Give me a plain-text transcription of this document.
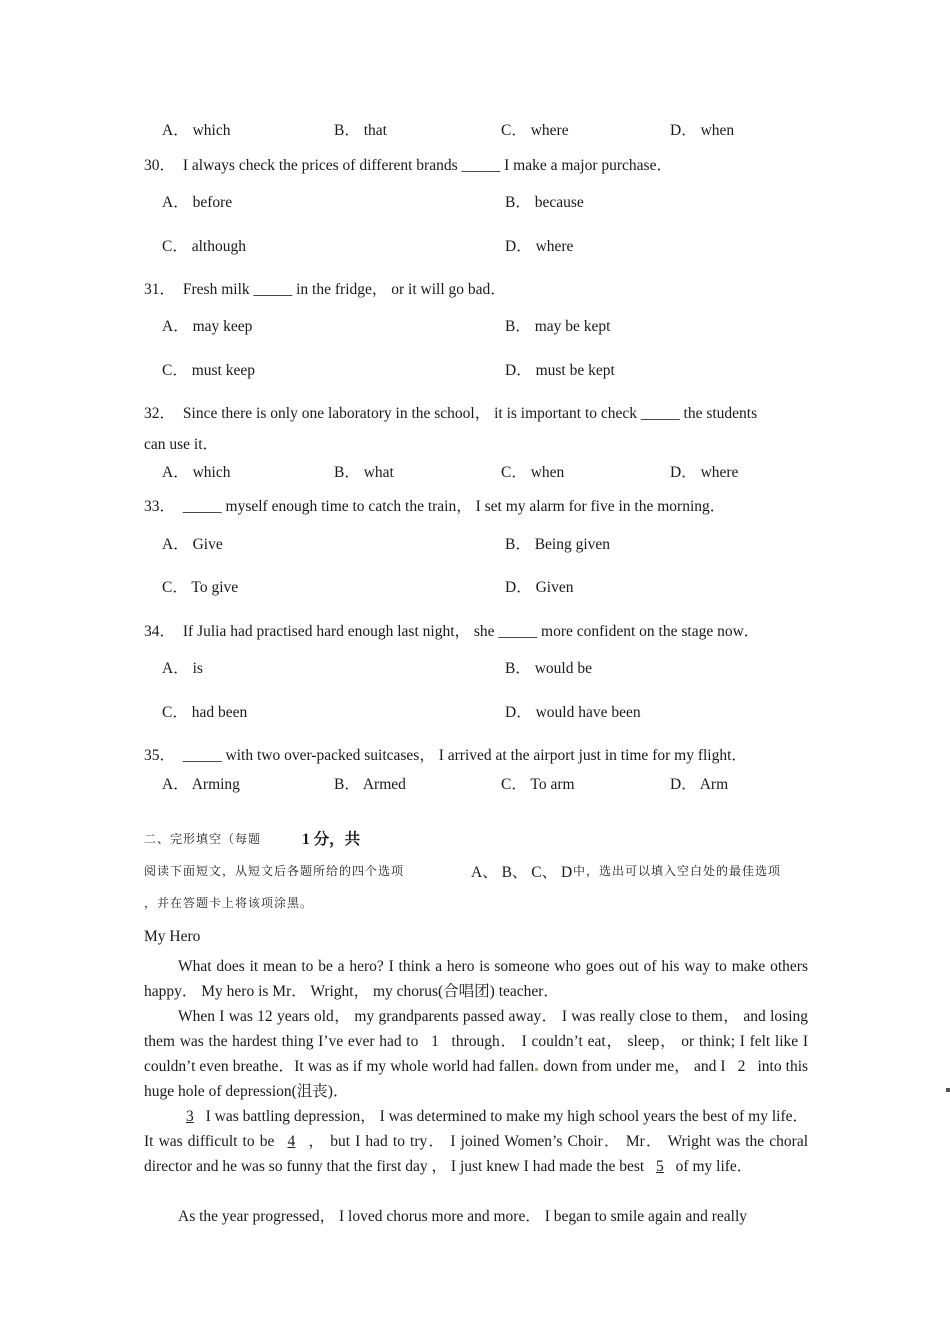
A． which	B． that	C． where	D． when
30． I always check the prices of different brands _____ I make a major purchase．
A． before	B． because
C． although	D． where
31． Fresh milk _____ in the fridge， or it will go bad．
A． may keep	B． may be kept
C． must keep	D． must be kept
32． Since there is only one laboratory in the school， it is important to check _____ the students
can use it．
A． which	B． what	C． when	D． where
33． _____ myself enough time to catch the train， I set my alarm for five in the morning．
A． Give	B． Being given
C． To give	D． Given
34． If Julia had practised hard enough last night， she _____ more confident on the stage now．
A． is	B． would be
C． had been	D． would have been
35． _____ with two over-packed suitcases， I arrived at the airport just in time for my flight．
A． Arming	B． Armed	C． To arm	D． Arm
二、完形填空（每题	1 分，共
阅读下面短文，从短文后各题所给的四个选项	A、 B、 C、 D 中，选出可以填入空白处的最佳选项
，并在答题卡上将该项涂黑。
My Hero
What does it mean to be a hero? I think a hero is someone who goes out of his way to make others happy． My hero is Mr． Wright， my chorus(合唱团) teacher．
When I was 12 years old， my grandparents passed away． I was really close to them， and losing them was the hardest thing I’ve ever had to 1 through． I couldn’t eat， sleep， or think; I felt like I couldn’t even breathe．It was as if my whole world had fallen down from under me， and I 2 into this huge hole of depression(沮丧)．
3 I was battling depression， I was determined to make my high school years the best of my life． It was difficult to be 4 ， but I had to try． I joined Women’s Choir． Mr． Wright was the choral director and he was so funny that the first day ， I just knew I had made the best 5 of my life．
As the year progressed， I loved chorus more and more． I began to smile again and really
